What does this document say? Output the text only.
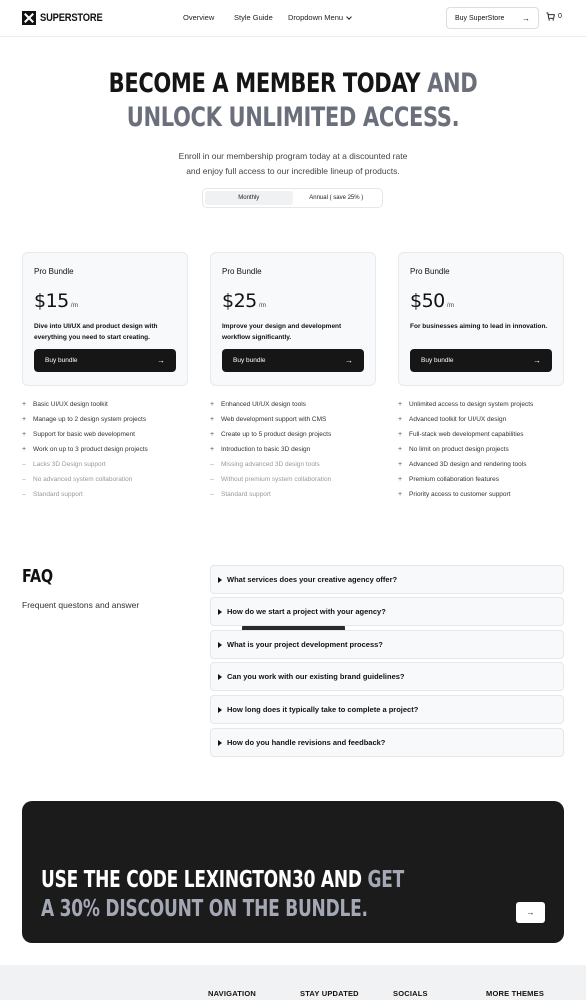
SUPERSTORE	Overview	Style Guide Dropdown Menu	Buy SuperStore →	0
BECOME A MEMBER TODAY AND
UNLOCK UNLIMITED ACCESS.
Enroll in our membership program today at a discounted rate
and enjoy full access to our incredible lineup of products.
Monthly	Annual ( save 25% )
Pro Bundle
$15 /m
Dive into UI/UX and product design with
everything you need to start creating.
Buy bundle	→
Pro Bundle
$25 /m
Improve your design and development
workflow significantly.
Buy bundle	→
Pro Bundle
$50 /m
For businesses aiming to lead in innovation.
Buy bundle	→
+ Basic UI/UX design toolkit
+ Manage up to 2 design system projects
+ Support for basic web development
+ Work on up to 3 product design projects
– Lacks 3D Design support
– No advanced system collaboration
– Standard support
+ Enhanced UI/UX design tools
+ Web development support with CMS
+ Create up to 5 product design projects
+ Introduction to basic 3D design
– Missing advanced 3D design tools
– Without premium system collaboration
– Standard support
+ Unlimited access to design system projects
+ Advanced toolkit for UI/UX design
+ Full-stack web development capabilities
+ No limit on product design projects
+ Advanced 3D design and rendering tools
+ Premium collaboration features
+ Priority access to customer support
FAQ
Frequent questons and answer
What services does your creative agency offer?
How do we start a project with your agency?
What is your project development process?
Can you work with our existing brand guidelines?
How long does it typically take to complete a project?
How do you handle revisions and feedback?
USE THE CODE LEXINGTON30 AND GET
A 30% DISCOUNT ON THE BUNDLE.	→
NAVIGATION	STAY UPDATED	SOCIALS	MORE THEMES
